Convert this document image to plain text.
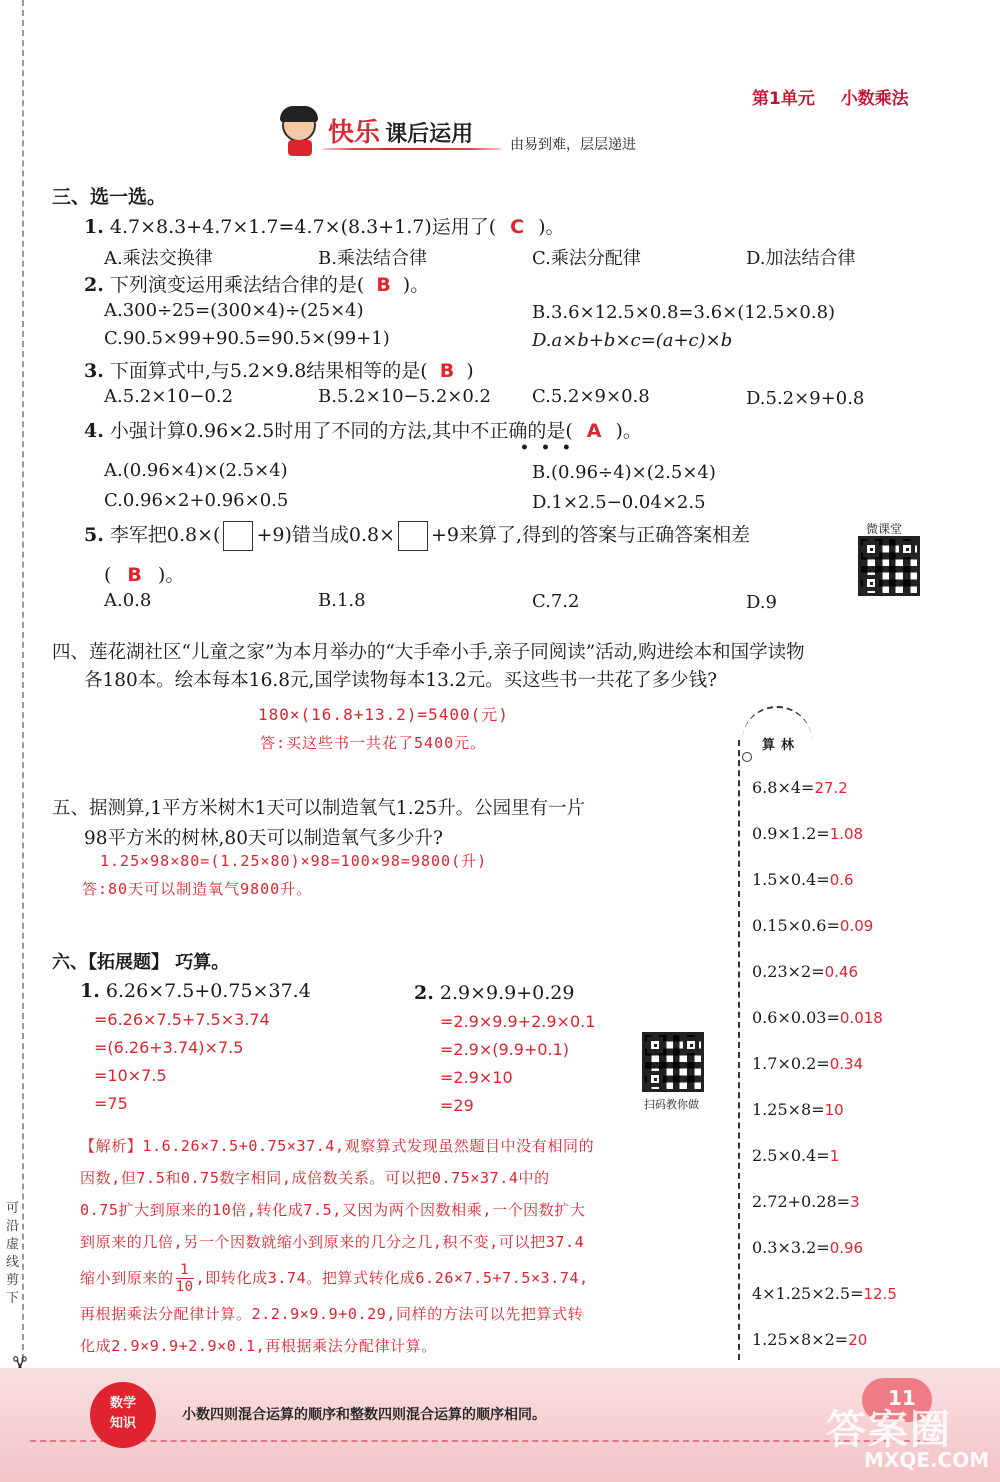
可
沿
虚
线
剪
下
第1单元 小数乘法
快乐 课后运用	由易到难，层层递进
三、选一选。
1. 4.7×8.3+4.7×1.7=4.7×(8.3+1.7)运用了( C )。
A.乘法交换律	B.乘法结合律	C.乘法分配律	D.加法结合律
2. 下列演变运用乘法结合律的是( B )。
A.300÷25=(300×4)÷(25×4)	B.3.6×12.5×0.8=3.6×(12.5×0.8)
C.90.5×99+90.5=90.5×(99+1)	D.a×b+b×c=(a+c)×b
3. 下面算式中,与5.2×9.8结果相等的是( B )
A.5.2×10−0.2	B.5.2×10−5.2×0.2 C.5.2×9×0.8	D.5.2×9+0.8
4. 小强计算0.96×2.5时用了不同的方法,其中不正确的是( A )。
•••
A.(0.96×4)×(2.5×4)	B.(0.96÷4)×(2.5×4)
C.0.96×2+0.96×0.5	D.1×2.5−0.04×2.5
5. 李军把0.8×( +9)错当成0.8× +9来算了,得到的答案与正确答案相差
( B )。
A.0.8	B.1.8	C.7.2	D.9
微课堂
四、莲花湖社区“儿童之家”为本月举办的“大手牵小手,亲子同阅读”活动,购进绘本和国学读物
各180本。绘本每本16.8元,国学读物每本13.2元。买这些书一共花了多少钱?
180×(16.8+13.2)=5400(元)
答:买这些书一共花了5400元。
五、据测算,1平方米树木1天可以制造氧气1.25升。公园里有一片
98平方米的树林,80天可以制造氧气多少升?
1.25×98×80=(1.25×80)×98=100×98=9800(升)
答:80天可以制造氧气9800升。
六、【拓展题】 巧算。
1. 6.26×7.5+0.75×37.4
=6.26×7.5+7.5×3.74
=(6.26+3.74)×7.5
=10×7.5
=75
2. 2.9×9.9+0.29
=2.9×9.9+2.9×0.1
=2.9×(9.9+0.1)
=2.9×10
=29	扫码教你做
【解析】1.6.26×7.5+0.75×37.4,观察算式发现虽然题目中没有相同的
因数,但7.5和0.75数字相同,成倍数关系。可以把0.75×37.4中的
0.75扩大到原来的10倍,转化成7.5,又因为两个因数相乘,一个因数扩大
到原来的几倍,另一个因数就缩小到原来的几分之几,积不变,可以把37.4
缩小到原来的 $\frac{1}{10}$ ,即转化成3.74。把算式转化成6.26×7.5+7.5×3.74,
再根据乘法分配律计算。2.2.9×9.9+0.29,同样的方法可以先把算式转
化成2.9×9.9+2.9×0.1,再根据乘法分配律计算。
算林
6.8×4=27.2
0.9×1.2=1.08
1.5×0.4=0.6
0.15×0.6=0.09
0.23×2=0.46
0.6×0.03=0.018
1.7×0.2=0.34
1.25×8=10
2.5×0.4=1
2.72+0.28=3
0.3×3.2=0.96
4×1.25×2.5=12.5
1.25×8×2=20
数学
知识
小数四则混合运算的顺序和整数四则混合运算的顺序相同。
11
答案圈
MXQE.COM
